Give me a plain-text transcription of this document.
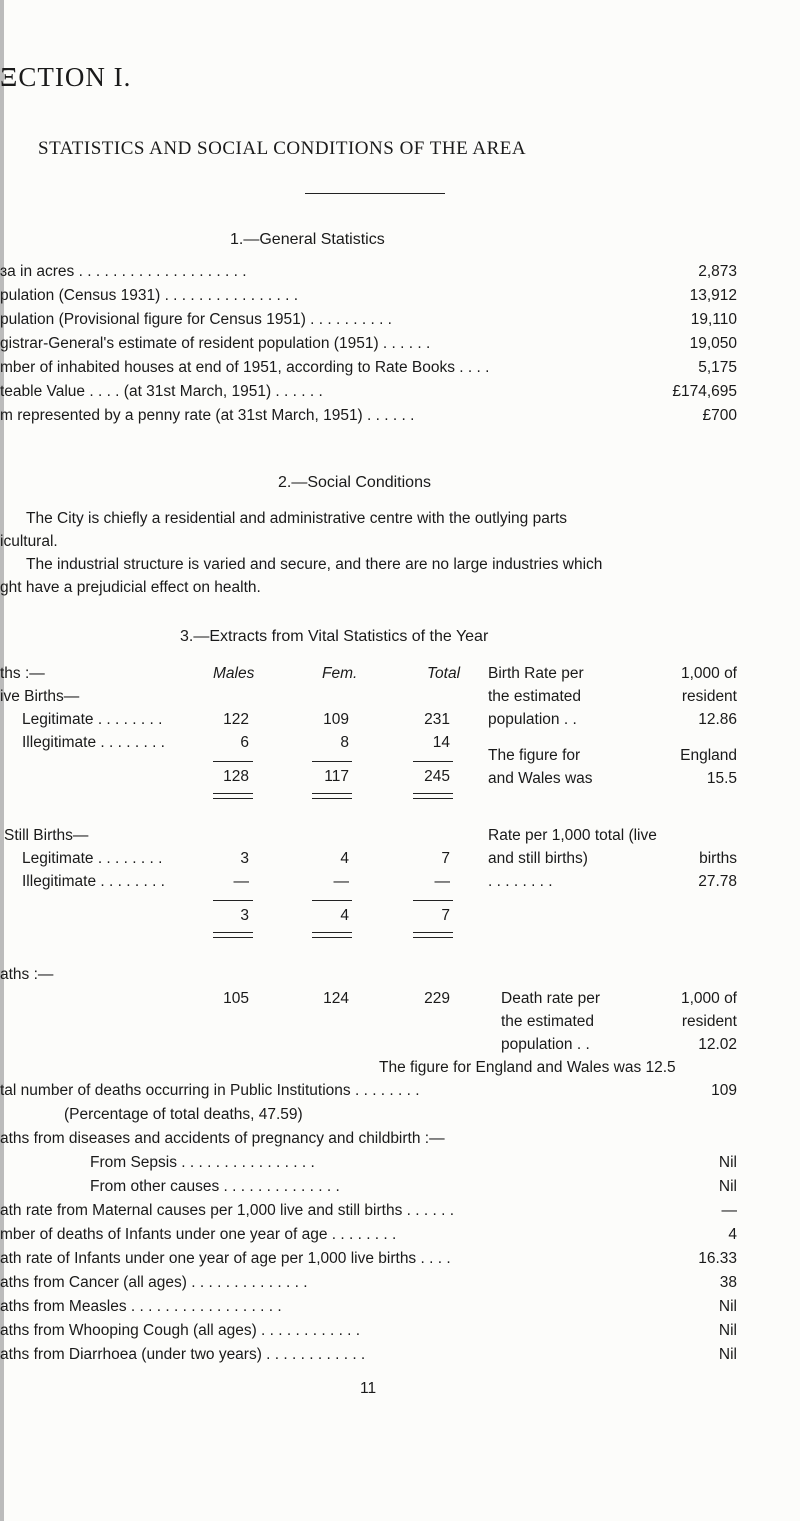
ΞCTION I.
STATISTICS AND SOCIAL CONDITIONS OF THE AREA
1.—General Statistics
ɜa in acres . . . . . . . . . . . . . . . . . . . .	2,873
pulation (Census 1931) . . . . . . . . . . . . . . . .	13,912
pulation (Provisional figure for Census 1951) . . . . . . . . . .	19,110
gistrar-General's estimate of resident population (1951) . . . . . .	19,050
mber of inhabited houses at end of 1951, according to Rate Books . . . .	5,175
teable Value . . . . (at 31st March, 1951) . . . . . .	£174,695
m represented by a penny rate (at 31st March, 1951) . . . . . .	£700
2.—Social Conditions
The City is chiefly a residential and administrative centre with the outlying parts
icultural.
The industrial structure is varied and secure, and there are no large industries which
ght have a prejudicial effect on health.
3.—Extracts from Vital Statistics of the Year
ths :—	Males	Fem.	Total
ive Births—
Legitimate . . . . . . . .	122	109	231
Illegitimate . . . . . . . .	6	8	14
128	117	245
Still Births—
Legitimate . . . . . . . .	3	4	7
Illegitimate . . . . . . . .	—	—	—
3	4	7
aths :—
105	124	229
Birth Rate per	1,000 of
the estimated	resident
population . .	12.86
The figure for	England
and Wales was	15.5
Rate per 1,000 total (live
and still births)	births
. . . . . . . .	27.78
Death rate per	1,000 of
the estimated	resident
population . .	12.02
The figure for England and Wales was 12.5
tal number of deaths occurring in Public Institutions . . . . . . . .	109
(Percentage of total deaths, 47.59)
aths from diseases and accidents of pregnancy and childbirth :—
From Sepsis . . . . . . . . . . . . . . . .	Nil
From other causes . . . . . . . . . . . . . .	Nil
ath rate from Maternal causes per 1,000 live and still births . . . . . .	—
mber of deaths of Infants under one year of age . . . . . . . .	4
ath rate of Infants under one year of age per 1,000 live births . . . .	16.33
aths from Cancer (all ages) . . . . . . . . . . . . . .	38
aths from Measles . . . . . . . . . . . . . . . . . .	Nil
aths from Whooping Cough (all ages) . . . . . . . . . . . .	Nil
aths from Diarrhoea (under two years) . . . . . . . . . . . .	Nil
11
